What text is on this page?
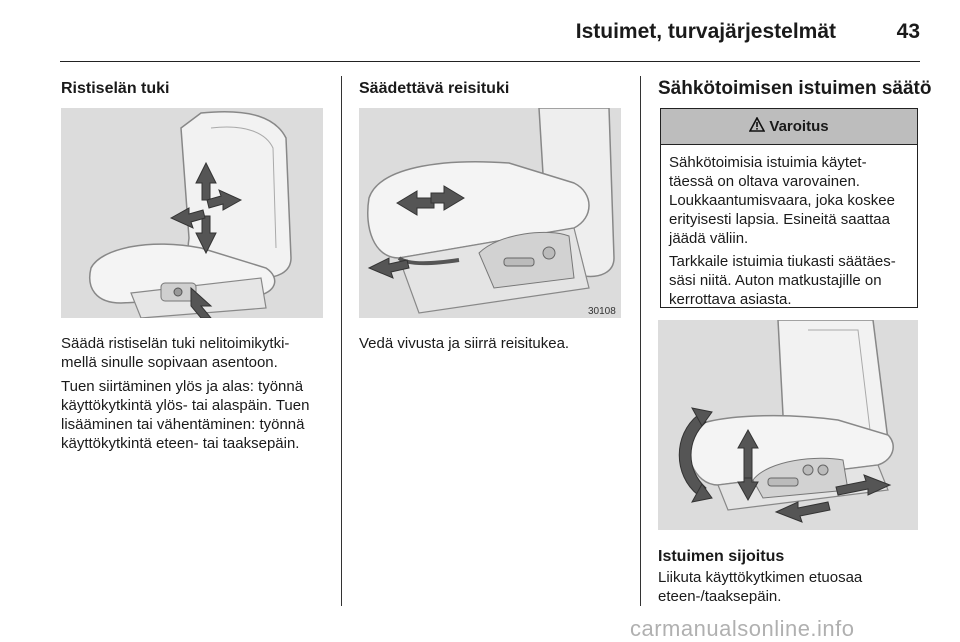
Istuimet, turvajärjestelmät	43
Ristiselän tuki
Säädä ristiselän tuki nelitoimikytki-
mellä sinulle sopivaan asentoon.
Tuen siirtäminen ylös ja alas: työnnä
käyttökytkintä ylös- tai alaspäin. Tuen
lisääminen tai vähentäminen: työnnä
käyttökytkintä eteen- tai taaksepäin.
Säädettävä reisituki
30108
Vedä vivusta ja siirrä reisitukea.
Sähkötoimisen istuimen säätö
Varoitus

Sähkötoimisia istuimia käytet-
täessä on oltava varovainen.
Loukkaantumisvaara, joka koskee
erityisesti lapsia. Esineitä saattaa
jäädä väliin.

Tarkkaile istuimia tiukasti säätäes-
säsi niitä. Auton matkustajille on
kerrottava asiasta.

Istuimen sijoitus
Liikuta käyttökytkimen etuosaa
eteen-/taaksepäin.
carmanualsonline.info
